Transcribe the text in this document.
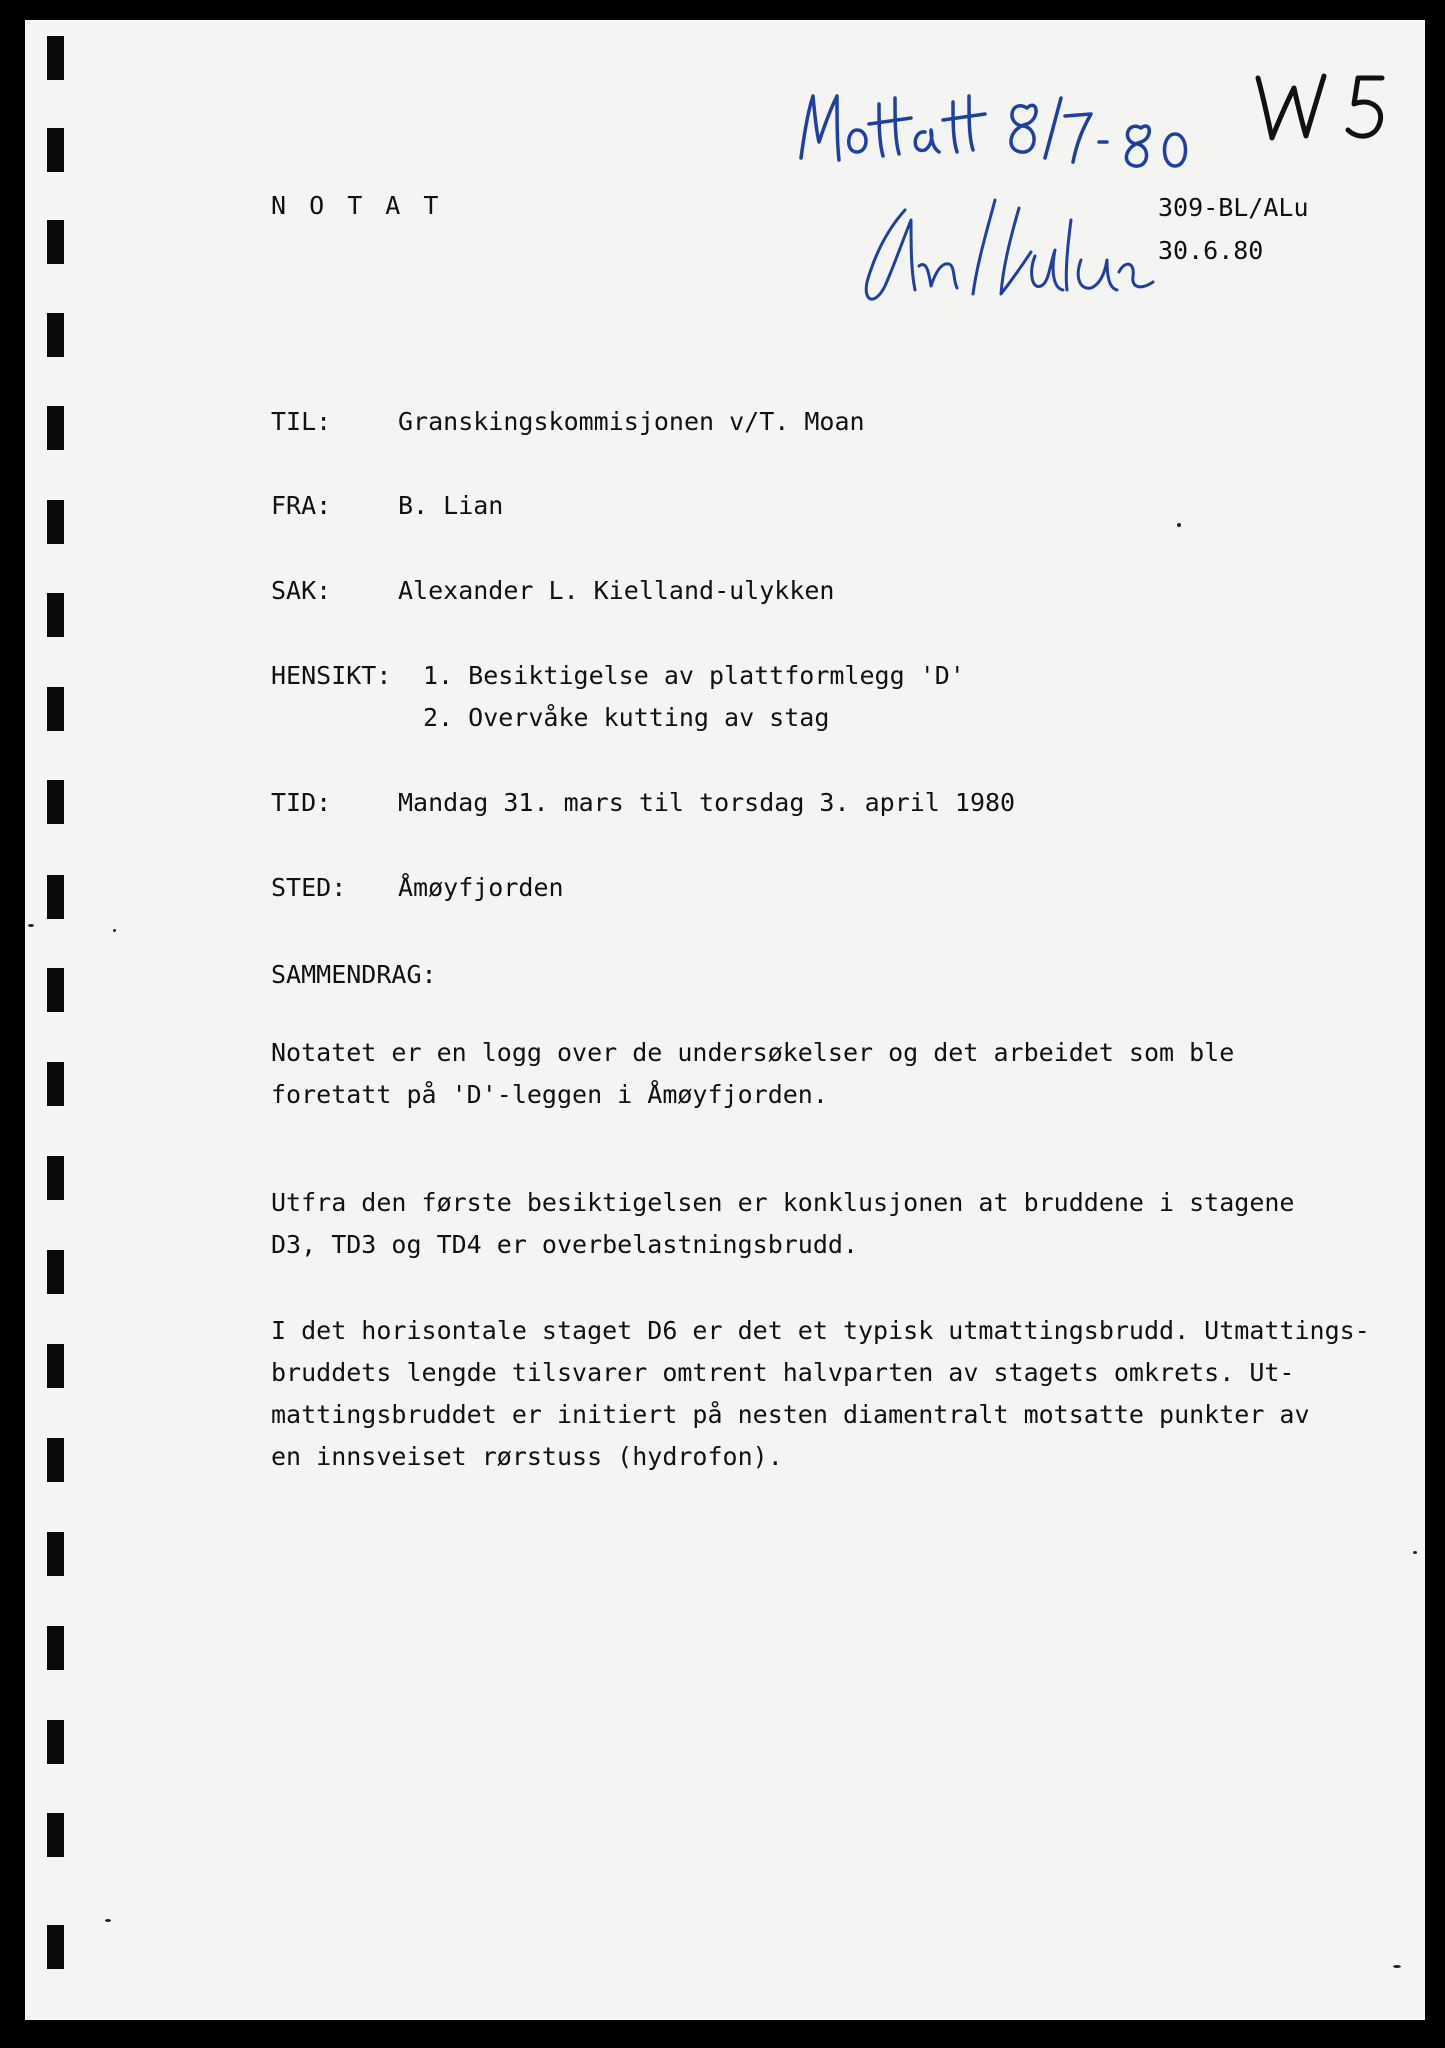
N O T A T	309-BL/ALu
30.6.80
TIL:	Granskingskommisjonen v/T. Moan
FRA:	B. Lian
SAK:	Alexander L. Kielland-ulykken
HENSIKT: 1. Besiktigelse av plattformlegg 'D'
2. Overvåke kutting av stag
TID:	Mandag 31. mars til torsdag 3. april 1980
STED: Åmøyfjorden
SAMMENDRAG:
Notatet er en logg over de undersøkelser og det arbeidet som ble
foretatt på 'D'-leggen i Åmøyfjorden.
Utfra den første besiktigelsen er konklusjonen at bruddene i stagene
D3, TD3 og TD4 er overbelastningsbrudd.
I det horisontale staget D6 er det et typisk utmattingsbrudd. Utmattings-
bruddets lengde tilsvarer omtrent halvparten av stagets omkrets. Ut-
mattingsbruddet er initiert på nesten diamentralt motsatte punkter av
en innsveiset rørstuss (hydrofon).
